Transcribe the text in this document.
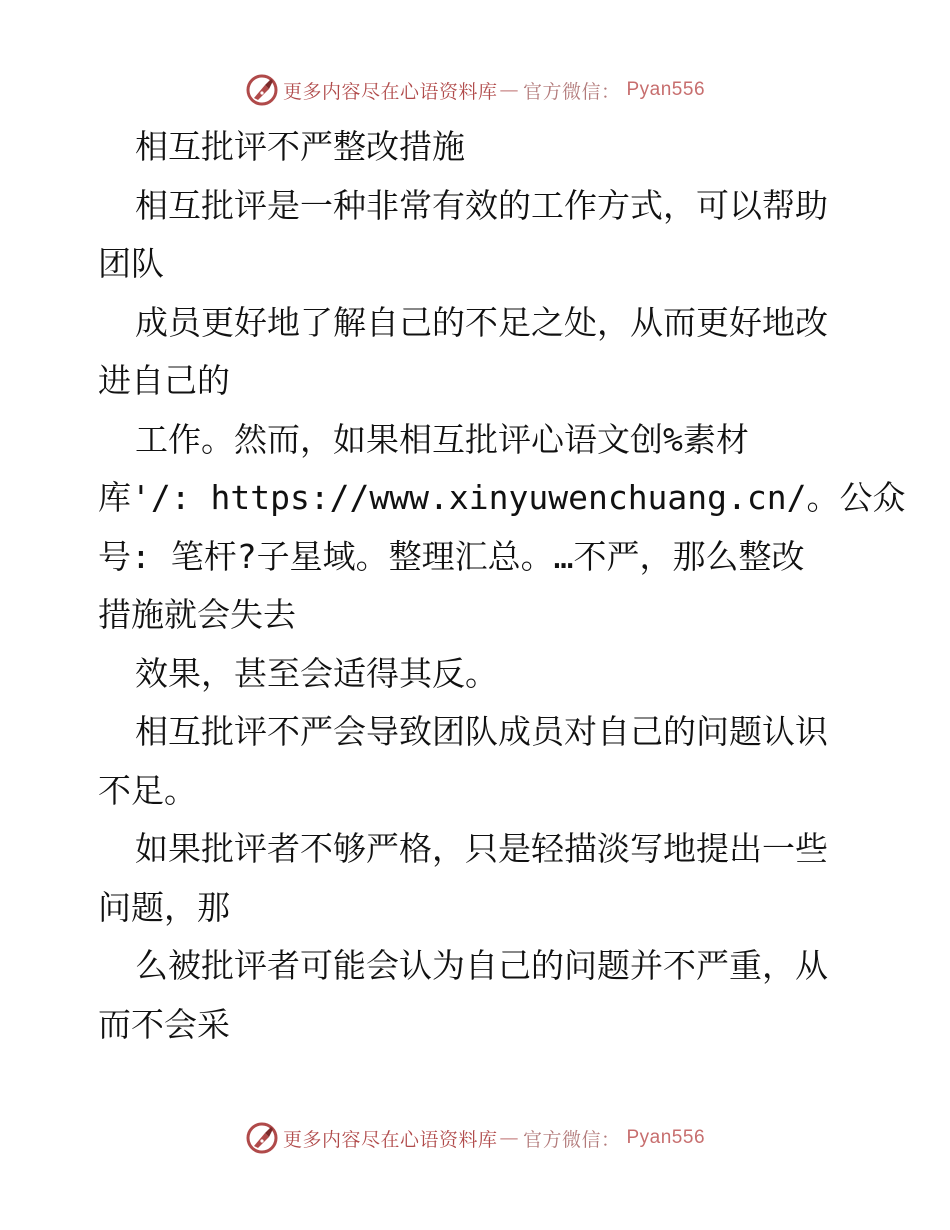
更多内容尽在心语资料库 — 官方微信： Pyan556
相互批评不严整改措施
相互批评是一种非常有效的工作方式，可以帮助
团队
成员更好地了解自己的不足之处，从而更好地改
进自己的
工作。然而，如果相互批评心语文创%素材
库'/: https://www.xinyuwenchuang.cn/。公众
号: 笔杆?子星域。整理汇总。…不严，那么整改
措施就会失去
效果，甚至会适得其反。
相互批评不严会导致团队成员对自己的问题认识
不足。
如果批评者不够严格，只是轻描淡写地提出一些
问题，那
么被批评者可能会认为自己的问题并不严重，从
而不会采
更多内容尽在心语资料库 — 官方微信： Pyan556
